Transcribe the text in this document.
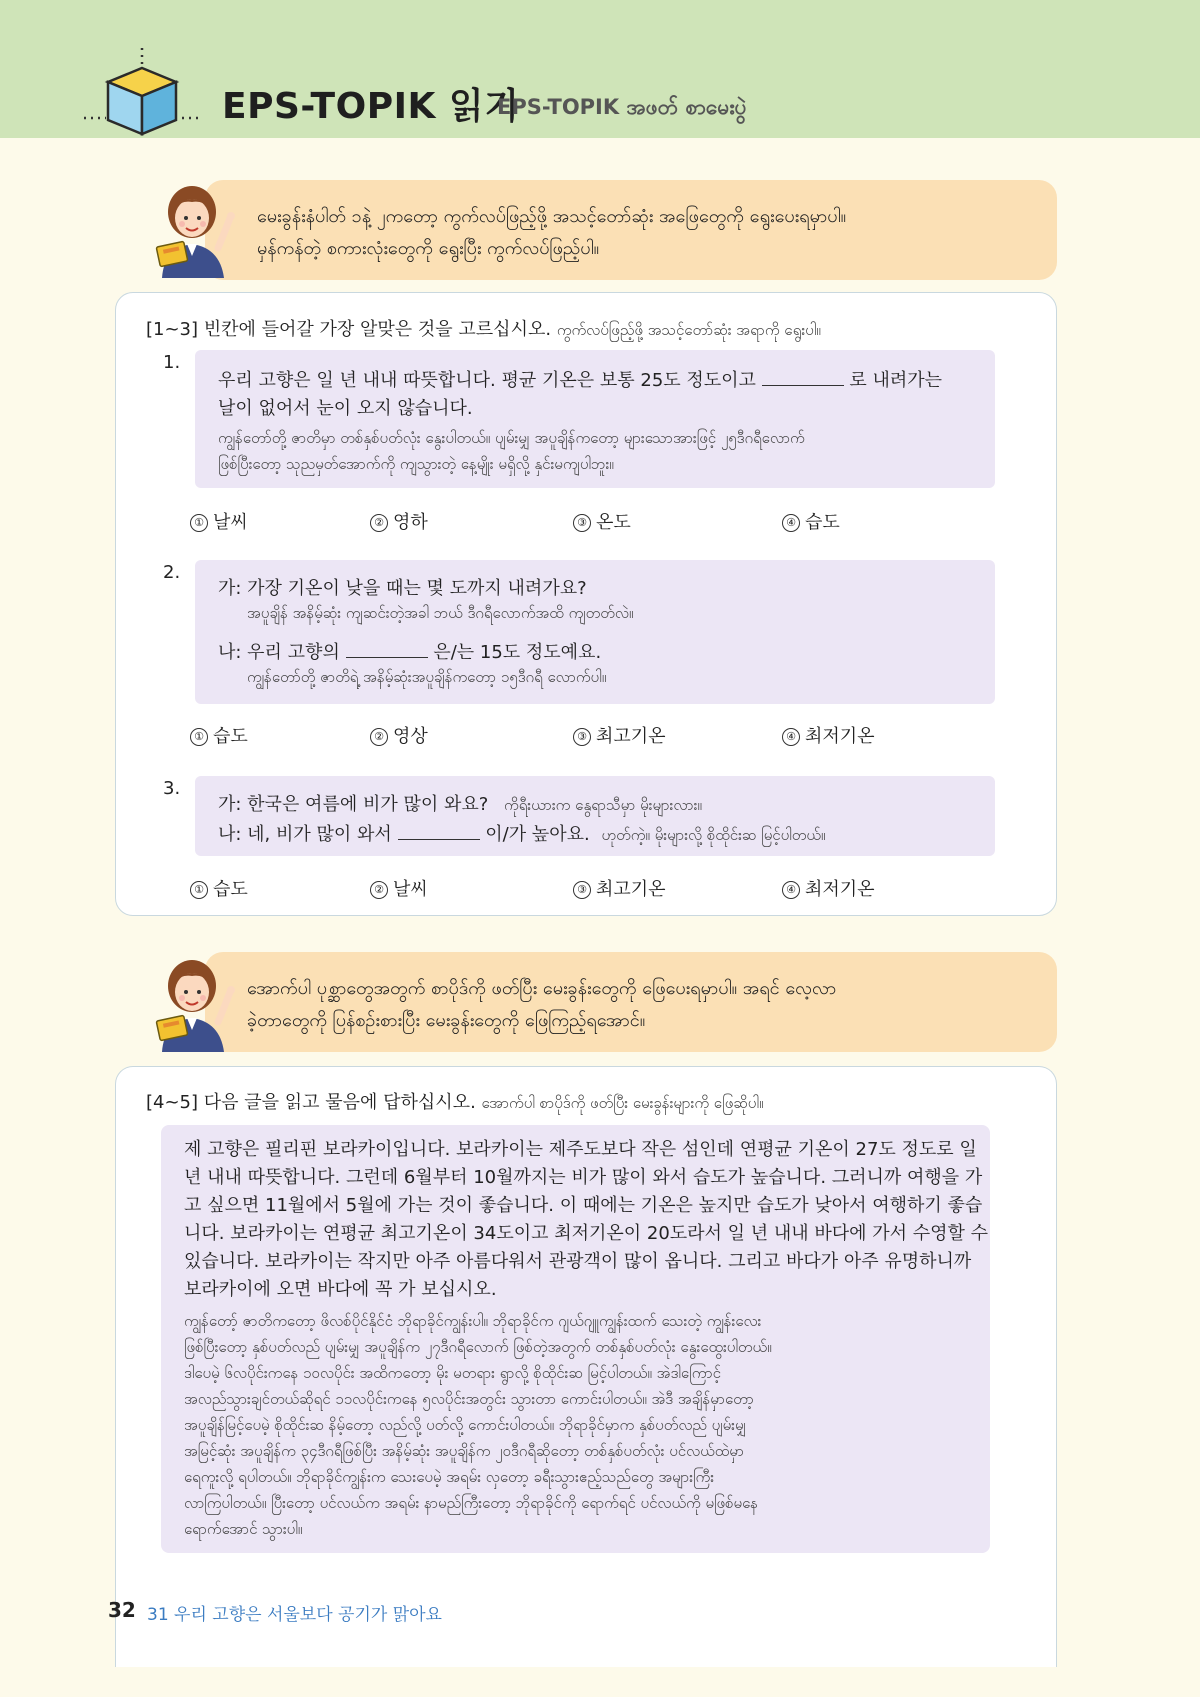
EPS-TOPIK 읽기
EPS-TOPIK အဖတ် စာမေးပွဲ
မေးခွန်းနံပါတ် ၁နဲ့ ၂ကတော့ ကွက်လပ်ဖြည့်ဖို့ အသင့်တော်ဆုံး အဖြေတွေကို ရွေးပေးရမှာပါ။
မှန်ကန်တဲ့ စကားလုံးတွေကို ရွေးပြီး ကွက်လပ်ဖြည့်ပါ။
[1~3] 빈칸에 들어갈 가장 알맞은 것을 고르십시오. ကွက်လပ်ဖြည့်ဖို့ အသင့်တော်ဆုံး အရာကို ရွေးပါ။
1.
우리 고향은 일 년 내내 따뜻합니다. 평균 기온은 보통 25도 정도이고	로 내려가는
날이 없어서 눈이 오지 않습니다.
ကျွန်တော်တို့ ဇာတိမှာ တစ်နှစ်ပတ်လုံး နွေးပါတယ်။ ပျမ်းမျှ အပူချိန်ကတော့ များသောအားဖြင့် ၂၅ဒီဂရီလောက်
ဖြစ်ပြီးတော့ သုညမှတ်အောက်ကို ကျသွားတဲ့ နေ့မျိုး မရှိလို့ နှင်းမကျပါဘူး။
① 날씨	② 영하	③ 온도	④ 습도
2.
가: 가장 기온이 낮을 때는 몇 도까지 내려가요?
အပူချိန် အနိမ့်ဆုံး ကျဆင်းတဲ့အခါ ဘယ် ဒီဂရီလောက်အထိ ကျတတ်လဲ။
나: 우리 고향의	은/는 15도 정도예요.
ကျွန်တော်တို့ ဇာတိရဲ့ အနိမ့်ဆုံးအပူချိန်ကတော့ ၁၅ဒီဂရီ လောက်ပါ။
① 습도	② 영상	③ 최고기온	④ 최저기온
3.
가: 한국은 여름에 비가 많이 와요? ကိုရီးယားက နွေရာသီမှာ မိုးများလား။
나: 네, 비가 많이 와서	이/가 높아요. ဟုတ်ကဲ့။ မိုးများလို့ စိုထိုင်းဆ မြင့်ပါတယ်။
① 습도	② 날씨	③ 최고기온	④ 최저기온
အောက်ပါ ပုစ္ဆာတွေအတွက် စာပိုဒ်ကို ဖတ်ပြီး မေးခွန်းတွေကို ဖြေပေးရမှာပါ။ အရင် လေ့လာ
ခဲ့တာတွေကို ပြန်စဉ်းစားပြီး မေးခွန်းတွေကို ဖြေကြည့်ရအောင်။
[4~5] 다음 글을 읽고 물음에 답하십시오. အောက်ပါ စာပိုဒ်ကို ဖတ်ပြီး မေးခွန်းများကို ဖြေဆိုပါ။
제 고향은 필리핀 보라카이입니다. 보라카이는 제주도보다 작은 섬인데 연평균 기온이 27도 정도로 일
년 내내 따뜻합니다. 그런데 6월부터 10월까지는 비가 많이 와서 습도가 높습니다. 그러니까 여행을 가
고 싶으면 11월에서 5월에 가는 것이 좋습니다. 이 때에는 기온은 높지만 습도가 낮아서 여행하기 좋습
니다. 보라카이는 연평균 최고기온이 34도이고 최저기온이 20도라서 일 년 내내 바다에 가서 수영할 수
있습니다. 보라카이는 작지만 아주 아름다워서 관광객이 많이 옵니다. 그리고 바다가 아주 유명하니까
보라카이에 오면 바다에 꼭 가 보십시오.
ကျွန်တော့် ဇာတိကတော့ ဖိလစ်ပိုင်နိုင်ငံ ဘိုရာခိုင်ကျွန်းပါ။ ဘိုရာခိုင်က ဂျယ်ဂျူကျွန်းထက် သေးတဲ့ ကျွန်းလေး
ဖြစ်ပြီးတော့ နှစ်ပတ်လည် ပျမ်းမျှ အပူချိန်က ၂၇ဒီဂရီလောက် ဖြစ်တဲ့အတွက် တစ်နှစ်ပတ်လုံး နွေးထွေးပါတယ်။
ဒါပေမဲ့ ၆လပိုင်းကနေ ၁၀လပိုင်း အထိကတော့ မိုး မတရား ရွာလို့ စိုထိုင်းဆ မြင့်ပါတယ်။ အဲဒါကြောင့်
အလည်သွားချင်တယ်ဆိုရင် ၁၁လပိုင်းကနေ ၅လပိုင်းအတွင်း သွားတာ ကောင်းပါတယ်။ အဲဒီ အချိန်မှာတော့
အပူချိန်မြင့်ပေမဲ့ စိုထိုင်းဆ နိမ့်တော့ လည်လို့ ပတ်လို့ ကောင်းပါတယ်။ ဘိုရာခိုင်မှာက နှစ်ပတ်လည် ပျမ်းမျှ
အမြင့်ဆုံး အပူချိန်က ၃၄ဒီဂရီဖြစ်ပြီး အနိမ့်ဆုံး အပူချိန်က ၂၀ဒီဂရီဆိုတော့ တစ်နှစ်ပတ်လုံး ပင်လယ်ထဲမှာ
ရေကူးလို့ ရပါတယ်။ ဘိုရာခိုင်ကျွန်းက သေးပေမဲ့ အရမ်း လှတော့ ခရီးသွားဧည့်သည်တွေ အများကြီး
လာကြပါတယ်။ ပြီးတော့ ပင်လယ်က အရမ်း နာမည်ကြီးတော့ ဘိုရာခိုင်ကို ရောက်ရင် ပင်လယ်ကို မဖြစ်မနေ
ရောက်အောင် သွားပါ။
32 31 우리 고향은 서울보다 공기가 맑아요
